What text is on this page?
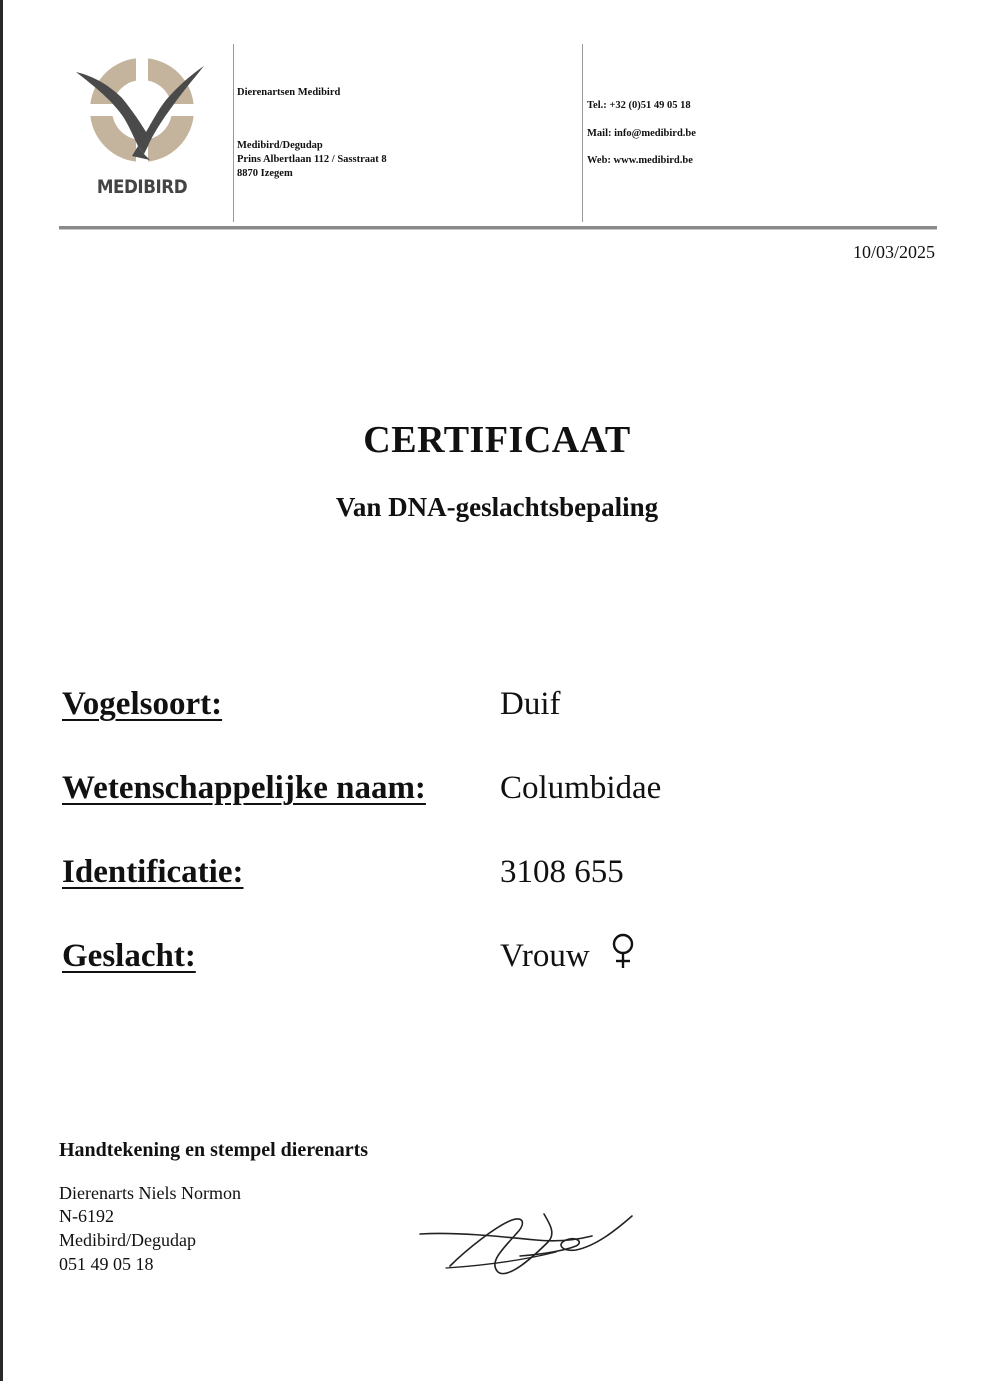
MEDIBIRD
Dierenartsen Medibird
Medibird/Degudap
Prins Albertlaan 112 / Sasstraat 8
8870 Izegem
Tel.: +32 (0)51 49 05 18
Mail: info@medibird.be
Web: www.medibird.be
10/03/2025
CERTIFICAAT
Van DNA-geslachtsbepaling
Vogelsoort:	Duif
Wetenschappelijke naam: Columbidae
Identificatie:	3108 655
Geslacht:	Vrouw
Handtekening en stempel dierenarts
Dierenarts Niels Normon
N-6192
Medibird/Degudap
051 49 05 18
